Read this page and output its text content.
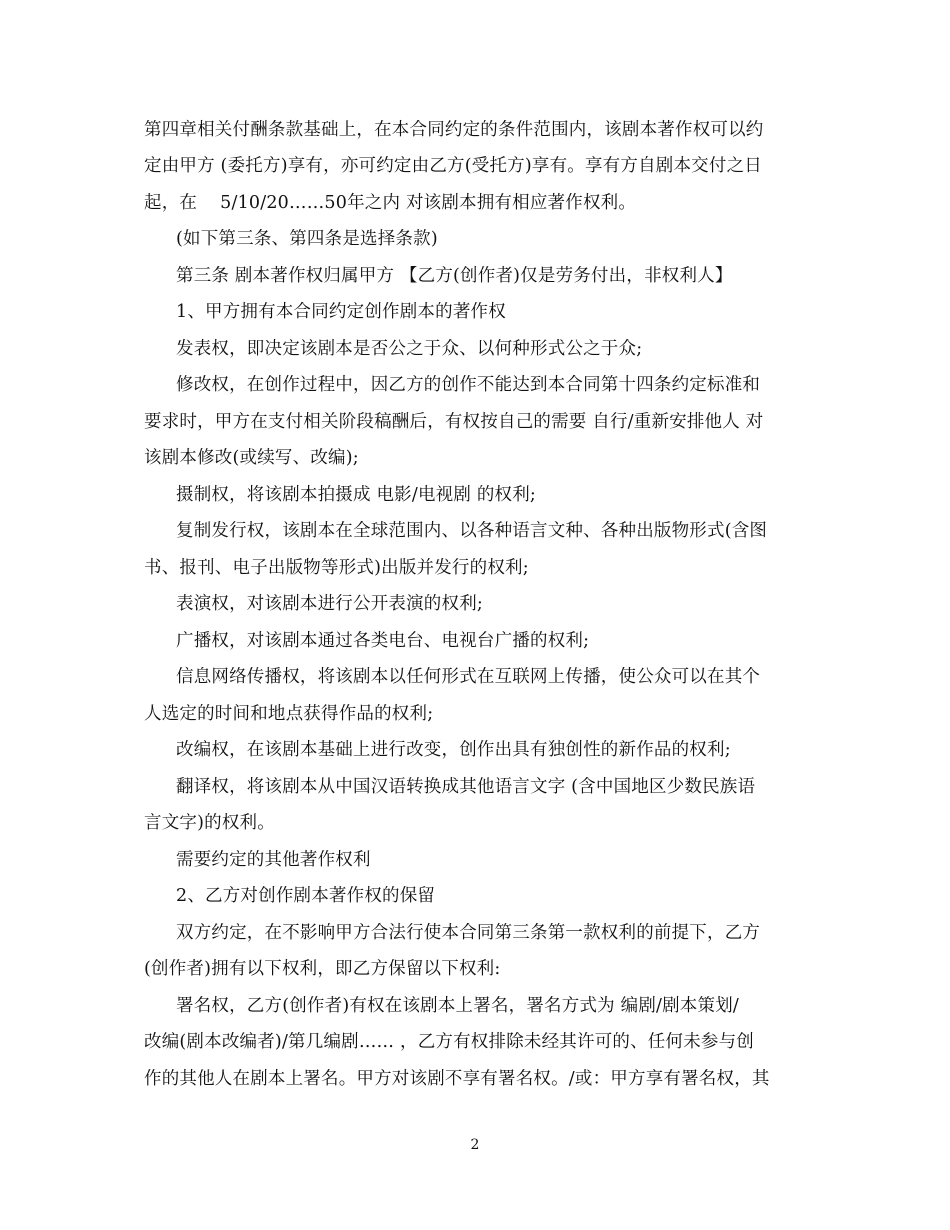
第四章相关付酬条款基础上，在本合同约定的条件范围内，该剧本著作权可以约
定由甲方 (委托方)享有，亦可约定由乙方(受托方)享有。享有方自剧本交付之日
起，在    5/10/20……50年之内 对该剧本拥有相应著作权利。
(如下第三条、第四条是选择条款)
第三条 剧本著作权归属甲方 【乙方(创作者)仅是劳务付出，非权利人】
1、甲方拥有本合同约定创作剧本的著作权
发表权，即决定该剧本是否公之于众、以何种形式公之于众;
修改权，在创作过程中，因乙方的创作不能达到本合同第十四条约定标准和
要求时，甲方在支付相关阶段稿酬后，有权按自己的需要 自行/重新安排他人 对
该剧本修改(或续写、改编);
摄制权，将该剧本拍摄成 电影/电视剧 的权利;
复制发行权，该剧本在全球范围内、以各种语言文种、各种出版物形式(含图
书、报刊、电子出版物等形式)出版并发行的权利;
表演权，对该剧本进行公开表演的权利;
广播权，对该剧本通过各类电台、电视台广播的权利;
信息网络传播权，将该剧本以任何形式在互联网上传播，使公众可以在其个
人选定的时间和地点获得作品的权利;
改编权，在该剧本基础上进行改变，创作出具有独创性的新作品的权利;
翻译权，将该剧本从中国汉语转换成其他语言文字 (含中国地区少数民族语
言文字)的权利。
需要约定的其他著作权利
2、乙方对创作剧本著作权的保留
双方约定，在不影响甲方合法行使本合同第三条第一款权利的前提下，乙方
(创作者)拥有以下权利，即乙方保留以下权利:
署名权，乙方(创作者)有权在该剧本上署名，署名方式为 编剧/剧本策划/
改编(剧本改编者)/第几编剧…… ，乙方有权排除未经其许可的、任何未参与创
作的其他人在剧本上署名。甲方对该剧不享有署名权。/或：甲方享有署名权，其
2
